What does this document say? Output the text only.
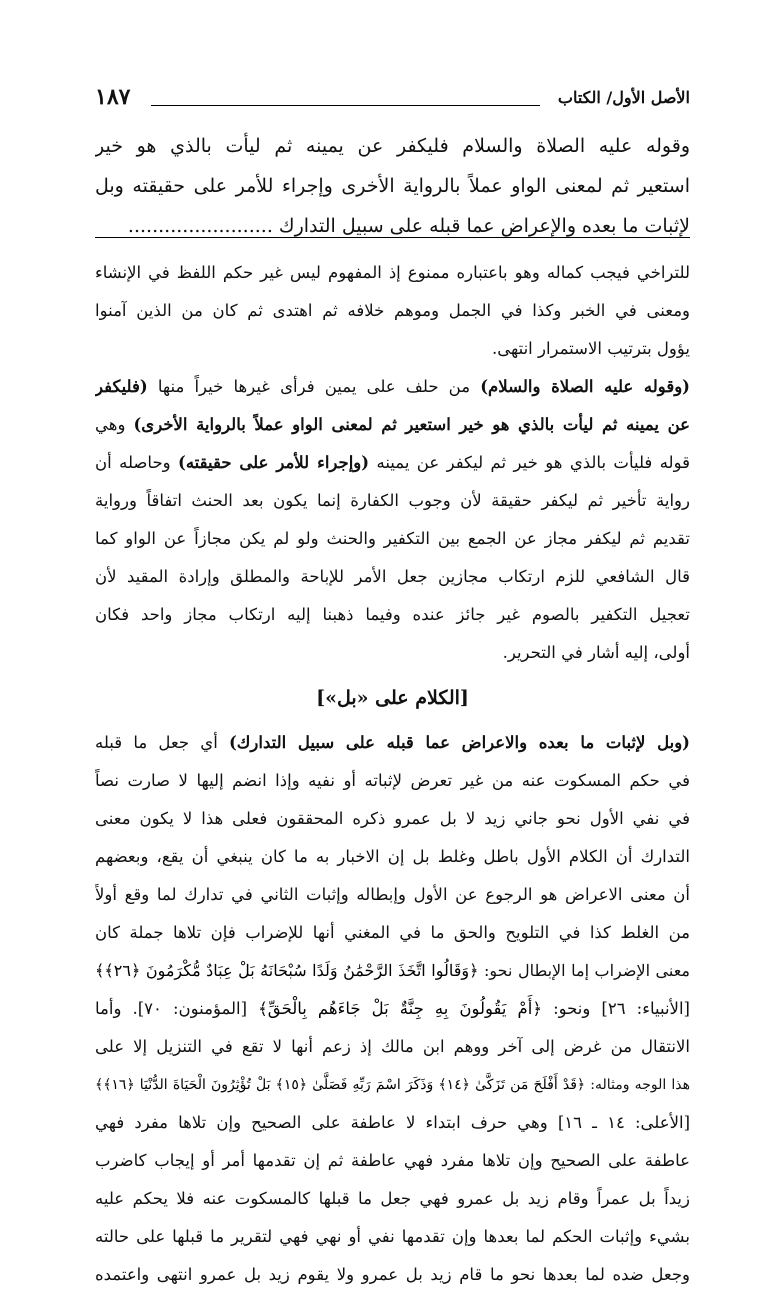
الأصل الأول/ الكتاب
١٨٧
وقوله عليه الصلاة والسلام فليكفر عن يمينه ثم ليأت بالذي هو خير
استعير ثم لمعنى الواو عملاً بالرواية الأخرى وإجراء للأمر على حقيقته وبل
لإثبات ما بعده والإعراض عما قبله على سبيل التدارك ........................
للتراخي فيجب كماله وهو باعتباره ممنوع إذ المفهوم ليس غير حكم اللفظ في الإنشاء
ومعنى في الخبر وكذا في الجمل وموهم خلافه ثم اهتدى ثم كان من الذين آمنوا
يؤول بترتيب الاستمرار انتهى.
(وقوله عليه الصلاة والسلام) من حلف على يمين فرأى غيرها خيراً منها (فليكفر
عن يمينه ثم ليأت بالذي هو خير استعير ثم لمعنى الواو عملاً بالرواية الأخرى) وهي
قوله فليأت بالذي هو خير ثم ليكفر عن يمينه (وإجراء للأمر على حقيقته) وحاصله أن
رواية تأخير ثم ليكفر حقيقة لأن وجوب الكفارة إنما يكون بعد الحنث اتفاقاً ورواية
تقديم ثم ليكفر مجاز عن الجمع بين التكفير والحنث ولو لم يكن مجازاً عن الواو كما
قال الشافعي للزم ارتكاب مجازين جعل الأمر للإباحة والمطلق وإرادة المقيد لأن
تعجيل التكفير بالصوم غير جائز عنده وفيما ذهبنا إليه ارتكاب مجاز واحد فكان
أولى، إليه أشار في التحرير.
[الكلام على «بل»]
(وبل لإثبات ما بعده والاعراض عما قبله على سبيل التدارك) أي جعل ما قبله
في حكم المسكوت عنه من غير تعرض لإثباته أو نفيه وإذا انضم إليها لا صارت نصاً
في نفي الأول نحو جاني زيد لا بل عمرو ذكره المحققون فعلى هذا لا يكون معنى
التدارك أن الكلام الأول باطل وغلط بل إن الاخبار به ما كان ينبغي أن يقع، وبعضهم
أن معنى الاعراض هو الرجوع عن الأول وإبطاله وإثبات الثاني في تدارك لما وقع أولاً
من الغلط كذا في التلويح والحق ما في المغني أنها للإضراب فإن تلاها جملة كان
معنى الإضراب إما الإبطال نحو: ﴿وَقَالُوا اتَّخَذَ الرَّحْمَٰنُ وَلَدًا سُبْحَانَهُ بَلْ عِبَادٌ مُّكْرَمُونَ ﴿٢٦﴾﴾
[الأنبياء: ٢٦] ونحو: ﴿أَمْ يَقُولُونَ بِهِ جِنَّةٌ بَلْ جَاءَهُم بِالْحَقِّ﴾ [المؤمنون: ٧٠]. وأما
الانتقال من غرض إلى آخر ووهم ابن مالك إذ زعم أنها لا تقع في التنزيل إلا على
هذا الوجه ومثاله: ﴿قَدْ أَفْلَحَ مَن تَزَكَّىٰ ﴿١٤﴾ وَذَكَرَ اسْمَ رَبِّهِ فَصَلَّىٰ ﴿١٥﴾ بَلْ تُؤْثِرُونَ الْحَيَاةَ الدُّنْيَا ﴿١٦﴾﴾
[الأعلى: ١٤ ـ ١٦] وهي حرف ابتداء لا عاطفة على الصحيح وإن تلاها مفرد فهي
عاطفة على الصحيح وإن تلاها مفرد فهي عاطفة ثم إن تقدمها أمر أو إيجاب كاضرب
زيداً بل عمراً وقام زيد بل عمرو فهي جعل ما قبلها كالمسكوت عنه فلا يحكم عليه
بشيء وإثبات الحكم لما بعدها وإن تقدمها نفي أو نهي فهي لتقرير ما قبلها على حالته
وجعل ضده لما بعدها نحو ما قام زيد بل عمرو ولا يقوم زيد بل عمرو انتهى واعتمده
